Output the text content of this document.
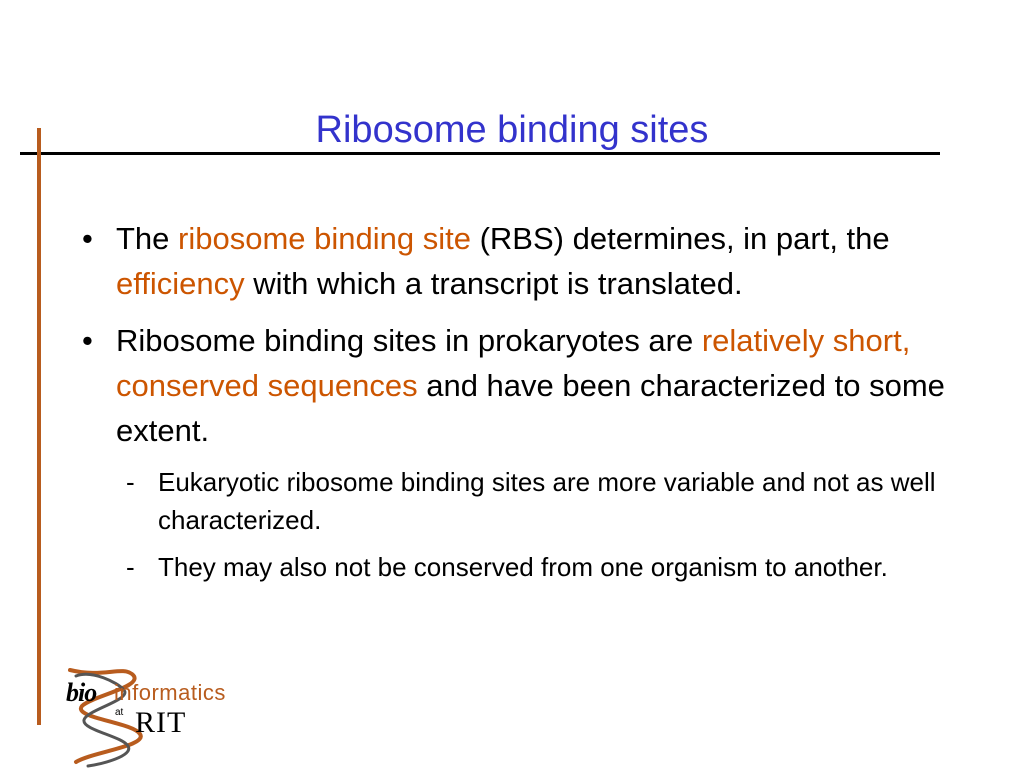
Ribosome binding sites
• The ribosome binding site (RBS) determines, in part, the efficiency with which a transcript is translated.
• Ribosome binding sites in prokaryotes are relatively short, conserved sequences and have been characterized to some extent.
- Eukaryotic ribosome binding sites are more variable and not as well characterized.
- They may also not be conserved from one organism to another.
bio informatics
at RIT
